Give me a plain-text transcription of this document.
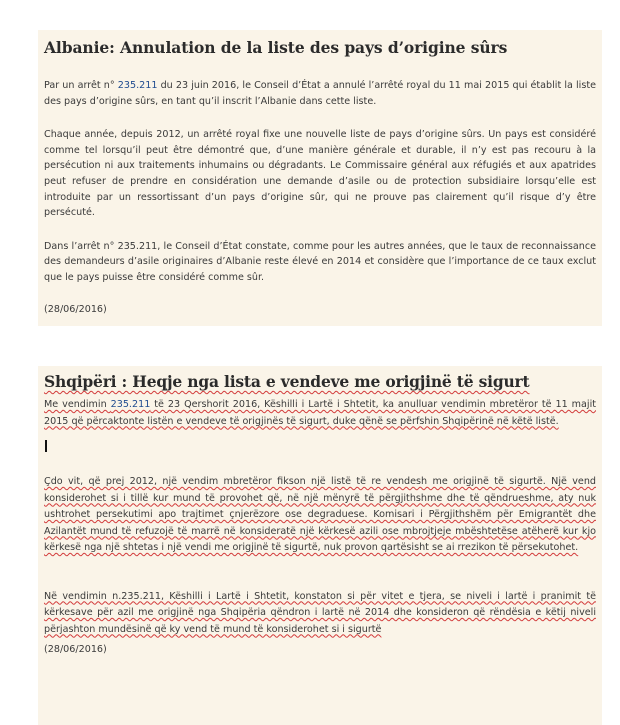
Albanie: Annulation de la liste des pays d’origine sûrs

Par un arrêt n° 235.211 du 23 juin 2016, le Conseil d’État a annulé l’arrêté royal du 11 mai 2015 qui établit la liste des pays d’origine sûrs, en tant qu’il inscrit l’Albanie dans cette liste.

Chaque année, depuis 2012, un arrêté royal fixe une nouvelle liste de pays d’origine sûrs. Un pays est considéré comme tel lorsqu’il peut être démontré que, d’une manière générale et durable, il n’y est pas recouru à la persécution ni aux traitements inhumains ou dégradants. Le Commissaire général aux réfugiés et aux apatrides peut refuser de prendre en considération une demande d’asile ou de protection subsidiaire lorsqu’elle est introduite par un ressortissant d’un pays d’origine sûr, qui ne prouve pas clairement qu’il risque d’y être persécuté.

Dans l’arrêt n° 235.211, le Conseil d’État constate, comme pour les autres années, que le taux de reconnaissance des demandeurs d’asile originaires d’Albanie reste élevé en 2014 et considère que l’importance de ce taux exclut que le pays puisse être considéré comme sûr.

(28/06/2016)

Shqipëri : Heqje nga lista e vendeve me origjinë të sigurt

Me vendimin 235.211 të 23 Qershorit 2016, Këshilli i Lartë i Shtetit, ka anulluar vendimin mbretëror të 11 majit 2015 që përcaktonte listën e vendeve të origjinës të sigurt, duke qënë se përfshin Shqipërinë në këtë listë.

Çdo vit, që prej 2012, një vendim mbretëror fikson një listë të re vendesh me origjinë të sigurtë. Një vend konsiderohet si i tillë kur mund të provohet që, në një mënyrë të përgjithshme dhe të qëndrueshme, aty nuk ushtrohet persekutimi apo trajtimet çnjerëzore ose degraduese. Komisari i Përgjithshëm për Emigrantët dhe Azilantët mund të refuzojë të marrë në konsideratë një kërkesë azili ose mbrojtjeje mbështetëse atëherë kur kjo kërkesë nga një shtetas i një vendi me origjinë të sigurtë, nuk provon qartësisht se ai rrezikon të përsekutohet.

Në vendimin n.235.211, Këshilli i Lartë i Shtetit, konstaton si për vitet e tjera, se niveli i lartë i pranimit të kërkesave për azil me origjinë nga Shqipëria qëndron i lartë në 2014 dhe konsideron që rëndësia e këtij niveli përjashton mundësinë që ky vend të mund të konsiderohet si i sigurtë

(28/06/2016)
